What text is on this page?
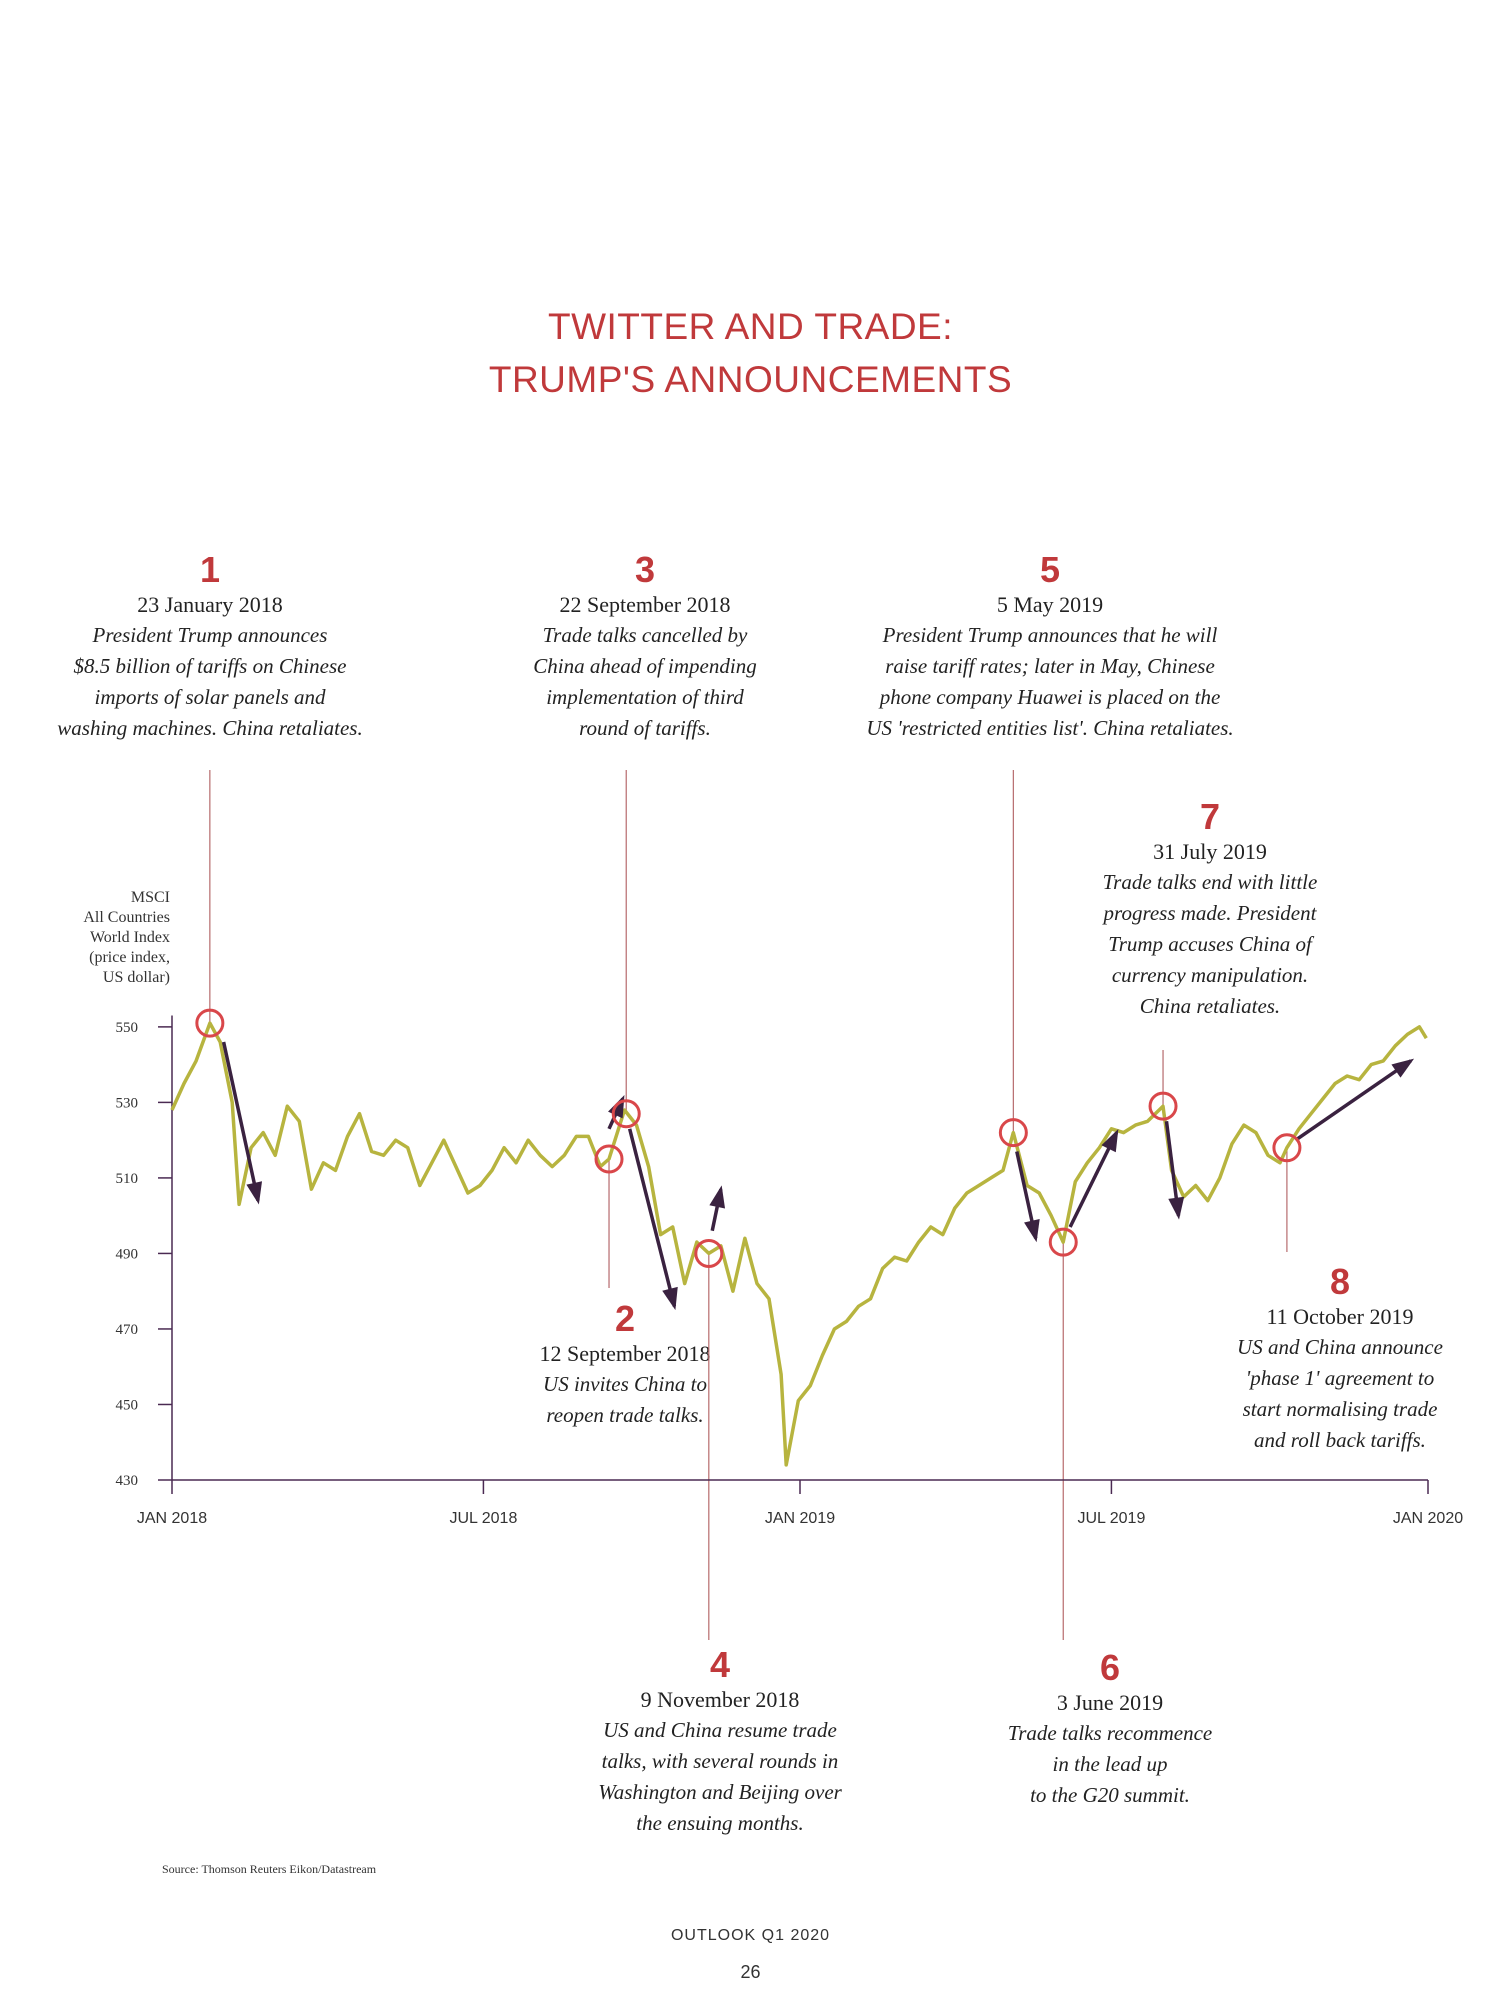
TWITTER AND TRADE:
TRUMP'S ANNOUNCEMENTS
1
23 January 2018
President Trump announces
$8.5 billion of tariffs on Chinese
imports of solar panels and
washing machines. China retaliates.
2
12 September 2018
US invites China to
reopen trade talks.
3
22 September 2018
Trade talks cancelled by
China ahead of impending
implementation of third
round of tariffs.
4
9 November 2018
US and China resume trade
talks, with several rounds in
Washington and Beijing over
the ensuing months.
5
5 May 2019
President Trump announces that he will
raise tariff rates; later in May, Chinese
phone company Huawei is placed on the
US 'restricted entities list'. China retaliates.
6
3 June 2019
Trade talks recommence
in the lead up
to the G20 summit.
7
31 July 2019
Trade talks end with little
progress made. President
Trump accuses China of
currency manipulation.
China retaliates.
8
11 October 2019
US and China announce
'phase 1' agreement to
start normalising trade
and roll back tariffs.
MSCI
All Countries
World Index
(price index,
US dollar)
550
530
510
490
470
450
430
JAN 2018	JUL 2018	JAN 2019	JUL 2019	JAN 2020
Source: Thomson Reuters Eikon/Datastream
OUTLOOK Q1 2020
26
